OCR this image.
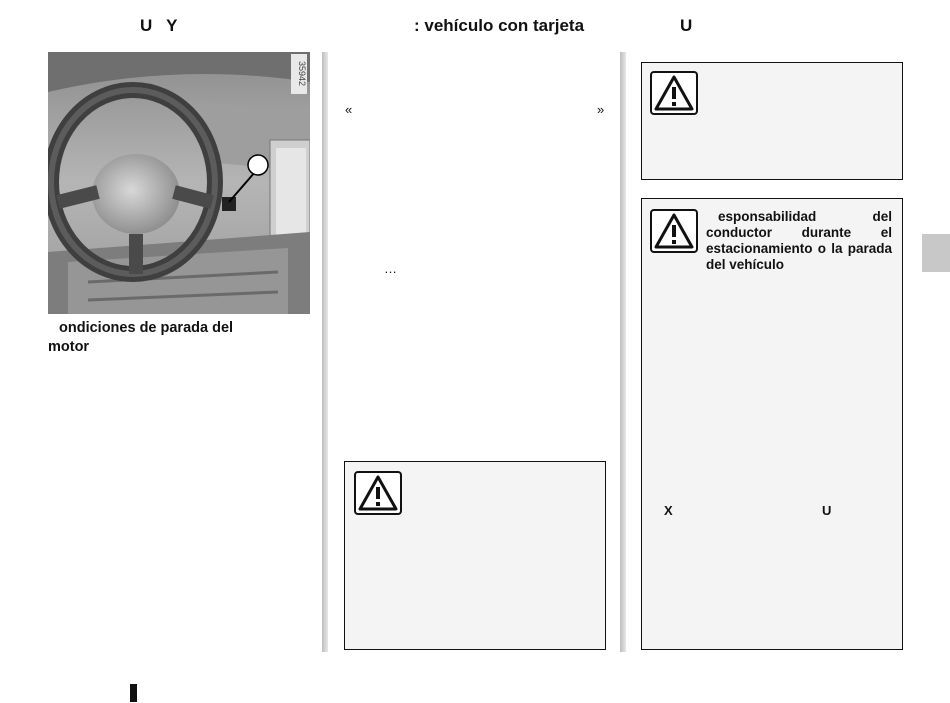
U   Y	: vehículo con tarjeta	U
35942
ondiciones de parada del
motor
«	»
…
esponsabilidad del conductor durante el estacionamiento o la parada del vehículo
X	U
